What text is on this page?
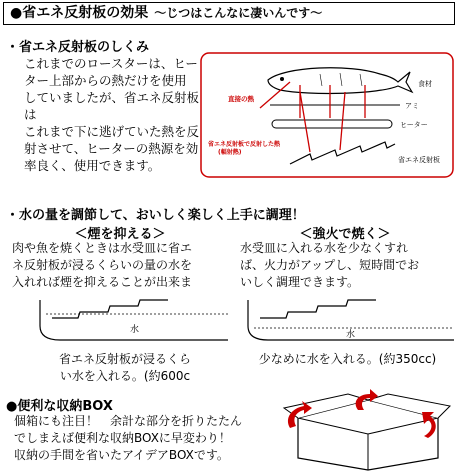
●省エネ反射板の効果 ～じつはこんなに凄いんです～
・省エネ反射板のしくみ
これまでのロースターは、ヒー
ター上部からの熱だけを使用
していましたが、省エネ反射板は
これまで下に逃げていた熱を反
射させて、ヒーターの熱源を効
率良く、使用できます。
食材
アミ
直接の熱
ヒーター
省エネ反射板で反射した熱
(輻射熱)
省エネ反射板
・水の量を調節して、おいしく楽しく上手に調理！
＜煙を抑える＞
肉や魚を焼くときは水受皿に省エ
ネ反射板が浸るくらいの量の水を
入れれば煙を抑えることが出来ま
＜強火で焼く＞
水受皿に入れる水を少なくすれ
ば、火力がアップし、短時間でお
いしく調理できます。
水	水
省エネ反射板が浸るくら
い水を入れる。(約600c
少なめに水を入れる。(約350cc)
●便利な収納BOX
個箱にも注目！　余計な部分を折りたたん
でしまえば便利な収納BOXに早変わり！
収納の手間を省いたアイデアBOXです。
